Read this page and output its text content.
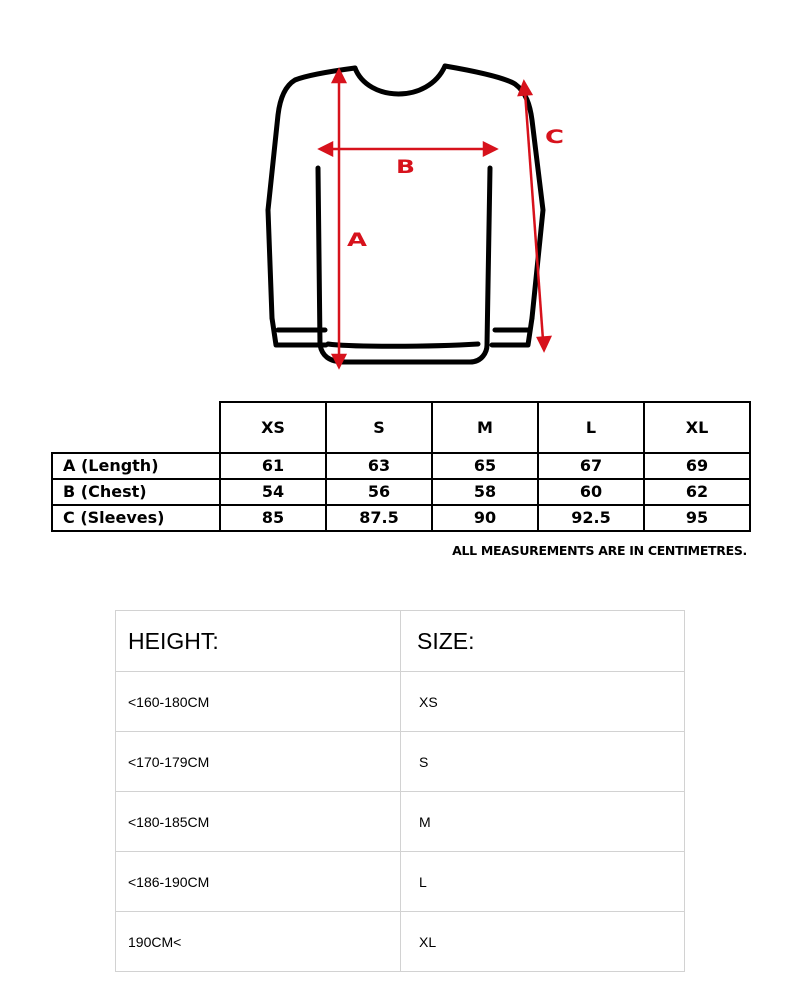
A
B
C
	XS	S	M	L	XL
A (Length)	61	63	65	67	69
B (Chest)	54	56	58	60	62
C (Sleeves)	85	87.5	90	92.5	95
ALL MEASUREMENTS ARE IN CENTIMETRES.
HEIGHT:	SIZE:
<160-180CM	XS
<170-179CM	S
<180-185CM	M
<186-190CM	L
190CM<	XL
